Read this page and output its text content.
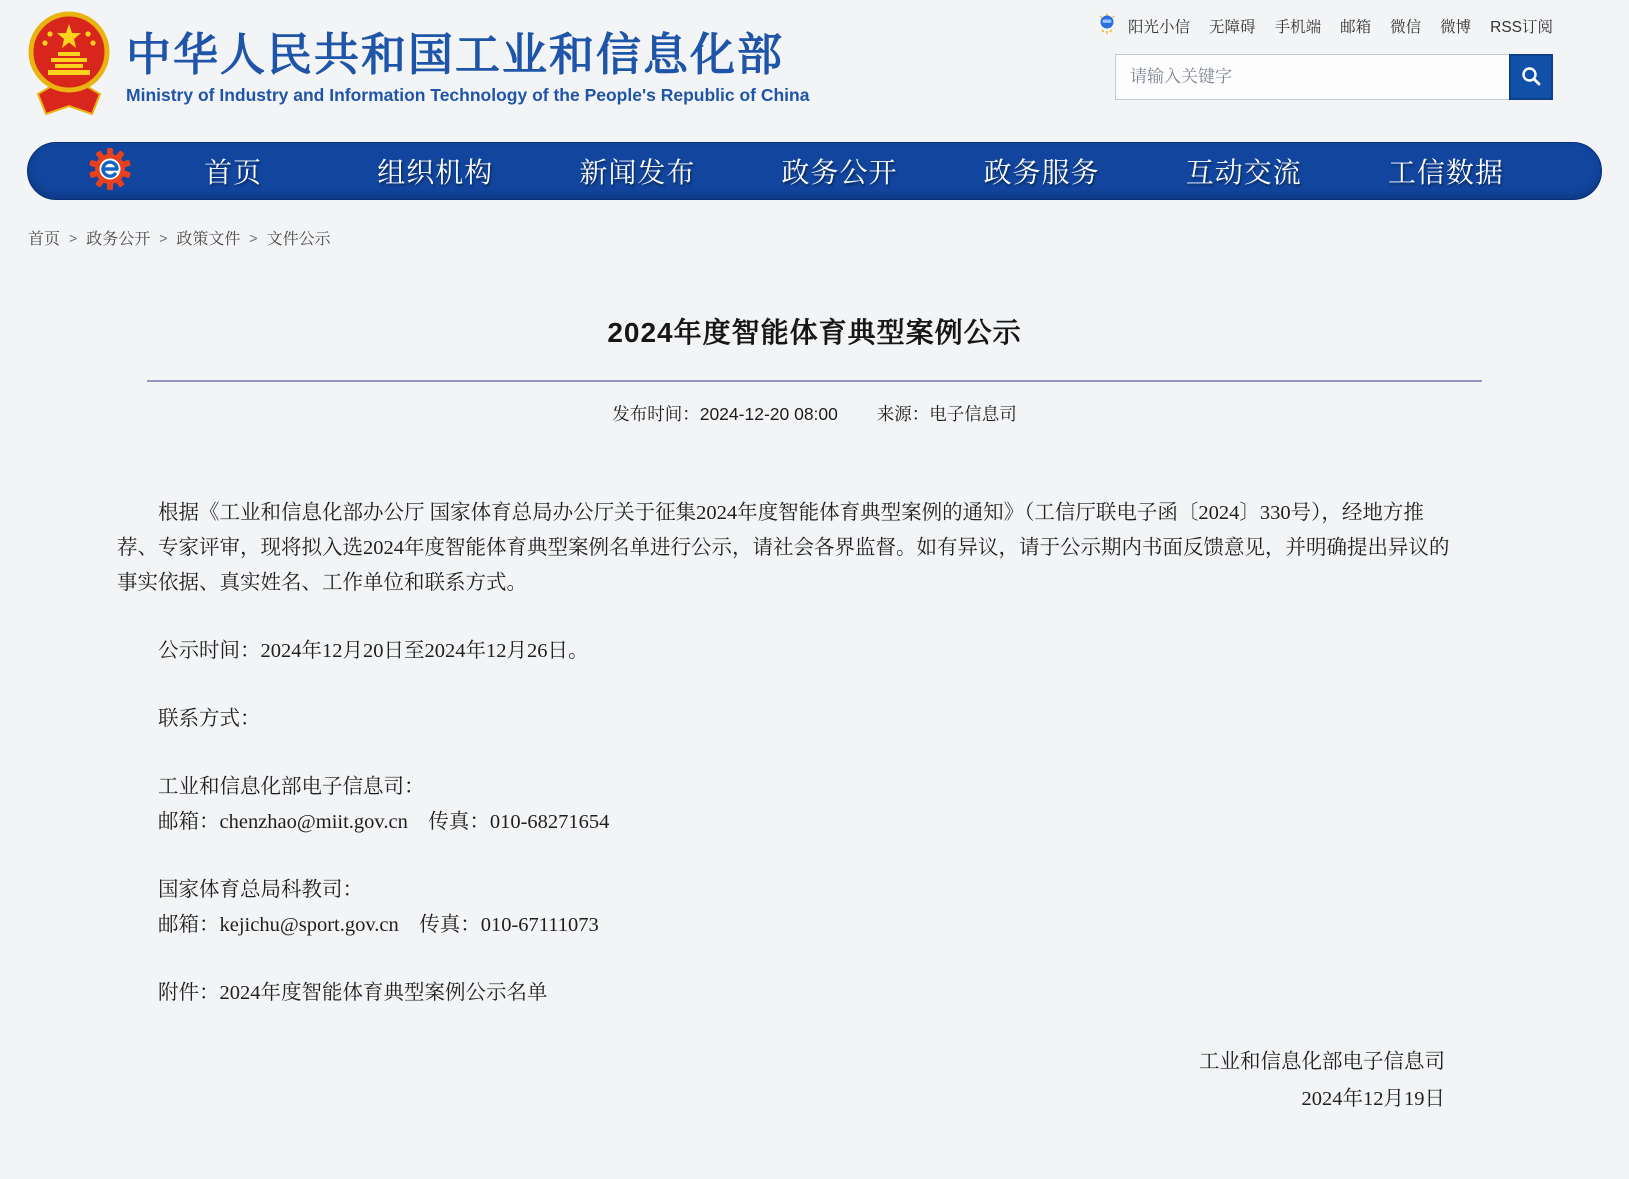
中华人民共和国工业和信息化部
Ministry of Industry and Information Technology of the People's Republic of China
阳光小信 无障碍 手机端 邮箱 微信 微博 RSS订阅
请输入关键字
首页	组织机构	新闻发布	政务公开	政务服务	互动交流	工信数据
首页 > 政务公开 > 政策文件 > 文件公示
2024年度智能体育典型案例公示
发布时间：2024-12-20 08:00 来源：电子信息司

根据《工业和信息化部办公厅 国家体育总局办公厅关于征集2024年度智能体育典型案例的通知》（工信厅联电子函〔2024〕330号），经地方推荐、专家评审，现将拟入选2024年度智能体育典型案例名单进行公示，请社会各界监督。如有异议，请于公示期内书面反馈意见，并明确提出异议的事实依据、真实姓名、工作单位和联系方式。

公示时间：2024年12月20日至2024年12月26日。

联系方式：

工业和信息化部电子信息司：

邮箱：chenzhao@miit.gov.cn　传真：010-68271654

国家体育总局科教司：

邮箱：kejichu@sport.gov.cn　传真：010-67111073

附件：2024年度智能体育典型案例公示名单

工业和信息化部电子信息司
2024年12月19日
